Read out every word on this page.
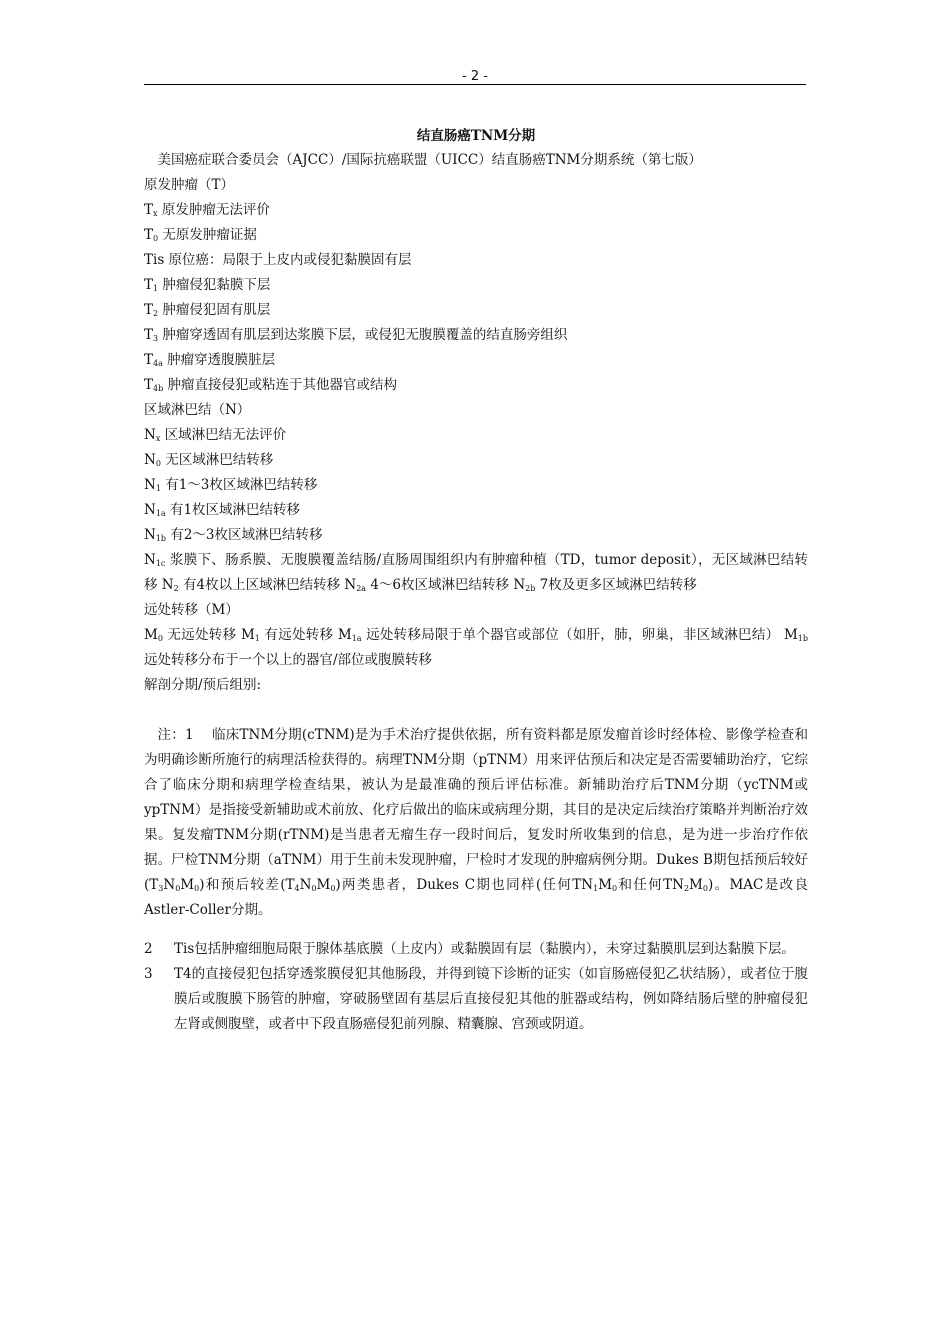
- 2 -
结直肠癌TNM分期
美国癌症联合委员会（AJCC）/国际抗癌联盟（UICC）结直肠癌TNM分期系统（第七版）
原发肿瘤（T）
$T_x$ 原发肿瘤无法评价
$T_0$ 无原发肿瘤证据
Tis 原位癌：局限于上皮内或侵犯黏膜固有层
$T_1$ 肿瘤侵犯黏膜下层
$T_2$ 肿瘤侵犯固有肌层
$T_3$ 肿瘤穿透固有肌层到达浆膜下层，或侵犯无腹膜覆盖的结直肠旁组织
$T_{4a}$ 肿瘤穿透腹膜脏层
$T_{4b}$ 肿瘤直接侵犯或粘连于其他器官或结构
区域淋巴结（N）
$N_x$ 区域淋巴结无法评价
$N_0$ 无区域淋巴结转移
$N_1$ 有1～3枚区域淋巴结转移
$N_{1a}$ 有1枚区域淋巴结转移
$N_{1b}$ 有2～3枚区域淋巴结转移

$N_{1c}$ 浆膜下、肠系膜、无腹膜覆盖结肠/直肠周围组织内有肿瘤种植（TD，tumor deposit），无区域淋巴结转移 $N_2$ 有4枚以上区域淋巴结转移 $N_{2a}$ 4～6枚区域淋巴结转移 $N_{2b}$ 7枚及更多区域淋巴结转移

远处转移（M）

$M_0$ 无远处转移 $M_1$ 有远处转移 $M_{1a}$ 远处转移局限于单个器官或部位（如肝，肺，卵巢，非区域淋巴结） $M_{1b}$ 远处转移分布于一个以上的器官/部位或腹膜转移

解剖分期/预后组别:

注：1　 临床TNM分期(cTNM)是为手术治疗提供依据，所有资料都是原发瘤首诊时经体检、影像学检查和为明确诊断所施行的病理活检获得的。病理TNM分期（pTNM）用来评估预后和决定是否需要辅助治疗，它综合了临床分期和病理学检查结果，被认为是最准确的预后评估标准。新辅助治疗后TNM分期（ycTNM或ypTNM）是指接受新辅助或术前放、化疗后做出的临床或病理分期，其目的是决定后续治疗策略并判断治疗效果。复发瘤TNM分期(rTNM)是当患者无瘤生存一段时间后，复发时所收集到的信息，是为进一步治疗作依据。尸检TNM分期（aTNM）用于生前未发现肿瘤，尸检时才发现的肿瘤病例分期。Dukes B期包括预后较好$(T_3N_0M_0)$和预后较差$(T_4N_0M_0)$两类患者，Dukes C期也同样(任何$TN_1M_0$和任何$TN_2M_0$)。MAC是改良Astler-Coller分期。

2	Tis包括肿瘤细胞局限于腺体基底膜（上皮内）或黏膜固有层（黏膜内），未穿过黏膜肌层到达黏膜下层。
3	T4的直接侵犯包括穿透浆膜侵犯其他肠段，并得到镜下诊断的证实（如盲肠癌侵犯乙状结肠），或者位于腹膜后或腹膜下肠管的肿瘤，穿破肠壁固有基层后直接侵犯其他的脏器或结构，例如降结肠后壁的肿瘤侵犯左肾或侧腹壁，或者中下段直肠癌侵犯前列腺、精囊腺、宫颈或阴道。
